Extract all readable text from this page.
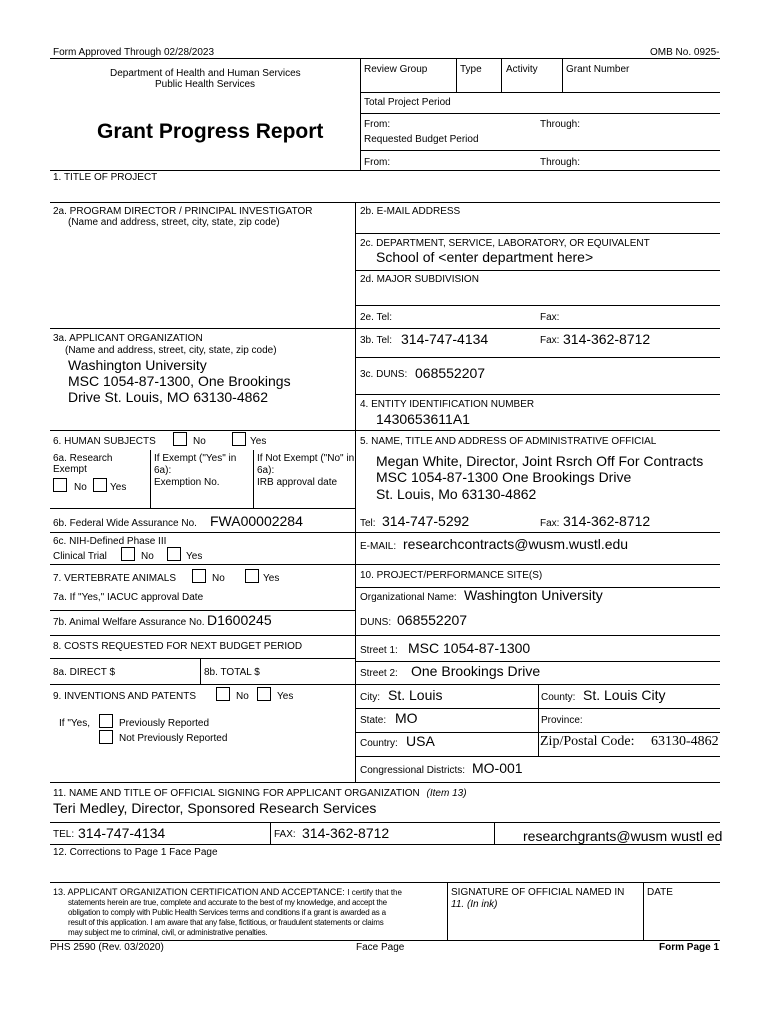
Form Approved Through 02/28/2023	OMB No. 0925-
Department of Health and Human Services
Public Health Services
Grant Progress Report
Review Group	Type Activity	Grant Number
Total Project Period
From:	Through:
Requested Budget Period
From:	Through:
1. TITLE OF PROJECT
2a. PROGRAM DIRECTOR / PRINCIPAL INVESTIGATOR
(Name and address, street, city, state, zip code)
2b. E-MAIL ADDRESS
2c. DEPARTMENT, SERVICE, LABORATORY, OR EQUIVALENT
School of <enter department here>
2d. MAJOR SUBDIVISION
2e. Tel:	Fax:
3a. APPLICANT ORGANIZATION
(Name and address, street, city, state, zip code)
Washington University
MSC 1054-87-1300, One Brookings
Drive St. Louis, MO 63130-4862
3b. Tel: 314-747-4134	Fax: 314-362-8712
3c. DUNS: 068552207
4. ENTITY IDENTIFICATION NUMBER
1430653611A1
6. HUMAN SUBJECTS	No	Yes
6a. Research
Exempt
No Yes
If Exempt ("Yes" in
6a):
Exemption No.
If Not Exempt ("No" in
6a):
IRB approval date
6b. Federal Wide Assurance No. FWA00002284
6c. NIH-Defined Phase III
Clinical Trial	No	Yes
5. NAME, TITLE AND ADDRESS OF ADMINISTRATIVE OFFICIAL
Megan White, Director, Joint Rsrch Off For Contracts
MSC 1054-87-1300 One Brookings Drive
St. Louis, Mo 63130-4862
Tel: 314-747-5292	Fax: 314-362-8712
E-MAIL: researchcontracts@wusm.wustl.edu
7. VERTEBRATE ANIMALS	No	Yes
7a. If "Yes," IACUC approval Date
7b. Animal Welfare Assurance No. D1600245
10. PROJECT/PERFORMANCE SITE(S)
Organizational Name: Washington University
DUNS: 068552207
Street 1: MSC 1054-87-1300
Street 2: One Brookings Drive
City: St. Louis	County: St. Louis City
State: MO	Province:
Country: USA	Zip/Postal Code: 63130-4862
Congressional Districts: MO-001
8. COSTS REQUESTED FOR NEXT BUDGET PERIOD
8a. DIRECT $	8b. TOTAL $
9. INVENTIONS AND PATENTS	No	Yes
If "Yes,	Previously Reported
Not Previously Reported
11. NAME AND TITLE OF OFFICIAL SIGNING FOR APPLICANT ORGANIZATION (Item 13)
Teri Medley, Director, Sponsored Research Services
TEL: 314-747-4134	FAX: 314-362-8712	researchgrants@wusm wustl ed
12. Corrections to Page 1 Face Page
13. APPLICANT ORGANIZATION CERTIFICATION AND ACCEPTANCE: I certify that the
statements herein are true, complete and accurate to the best of my knowledge, and accept the
obligation to comply with Public Health Services terms and conditions if a grant is awarded as a
result of this application. I am aware that any false, fictitious, or fraudulent statements or claims
may subject me to criminal, civil, or administrative penalties.
SIGNATURE OF OFFICIAL NAMED IN
11. (In ink)
DATE
PHS 2590 (Rev. 03/2020)	Face Page	Form Page 1
